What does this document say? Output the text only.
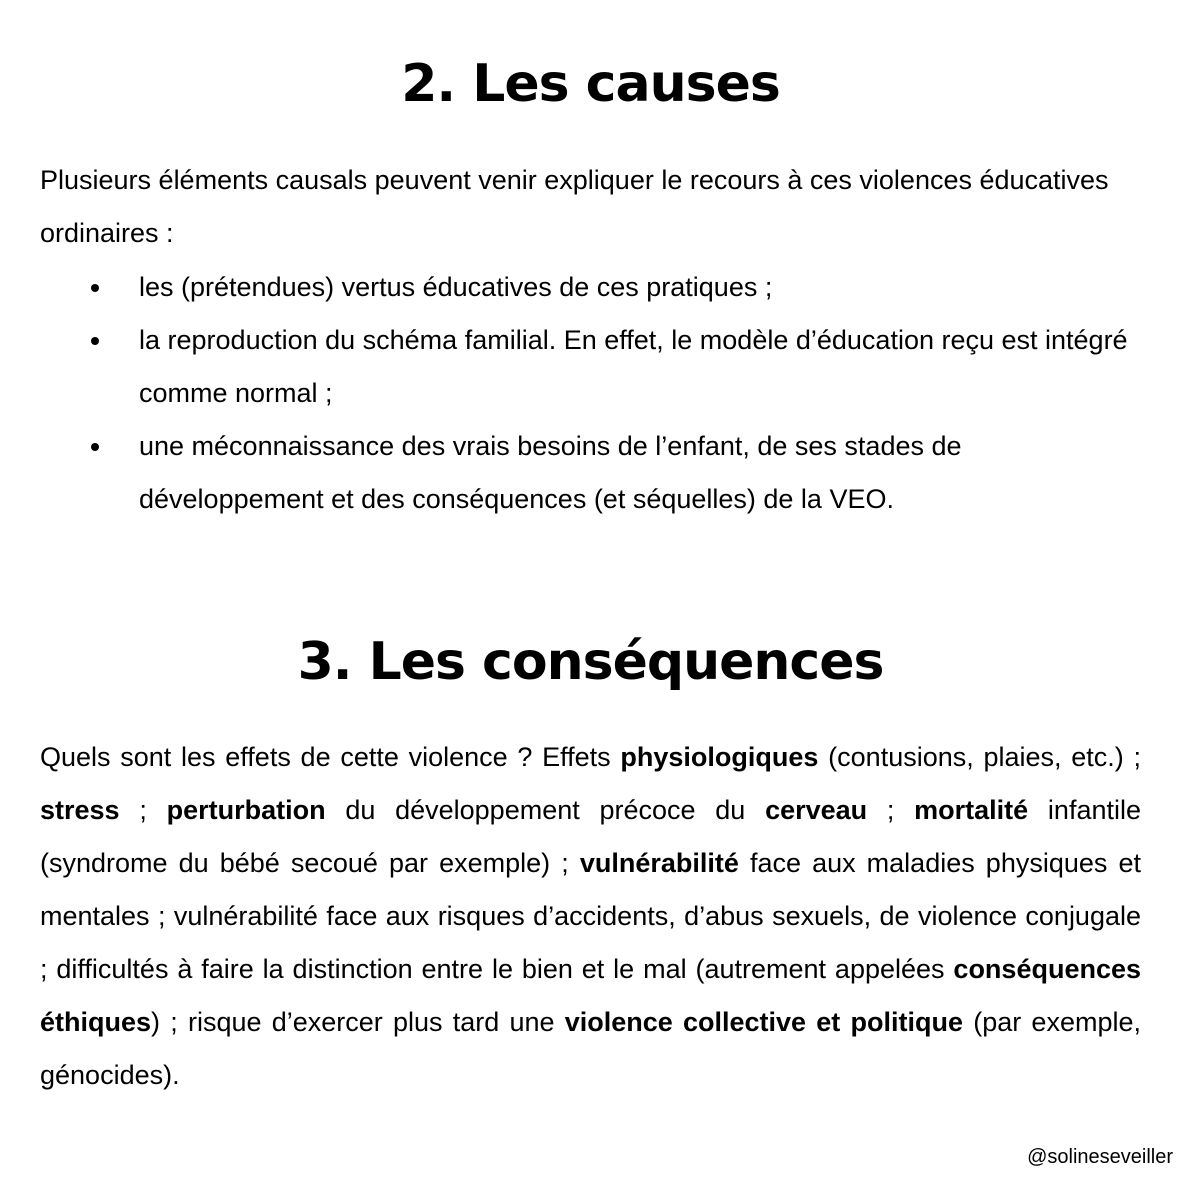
2. Les causes

Plusieurs éléments causals peuvent venir expliquer le recours à ces violences éducatives ordinaires :

les (prétendues) vertus éducatives de ces pratiques ;
la reproduction du schéma familial. En effet, le modèle d’éducation reçu est intégré comme normal ;
une méconnaissance des vrais besoins de l’enfant, de ses stades de développement et des conséquences (et séquelles) de la VEO.
3. Les conséquences

Quels sont les effets de cette violence ? Effets physiologiques (contusions, plaies, etc.) ; stress ; perturbation du développement précoce du cerveau ; mortalité infantile (syndrome du bébé secoué par exemple) ; vulnérabilité face aux maladies physiques et mentales ; vulnérabilité face aux risques d’accidents, d’abus sexuels, de violence conjugale ; difficultés à faire la distinction entre le bien et le mal (autrement appelées conséquences éthiques) ; risque d’exercer plus tard une violence collective et politique (par exemple, génocides).

@solineseveiller
